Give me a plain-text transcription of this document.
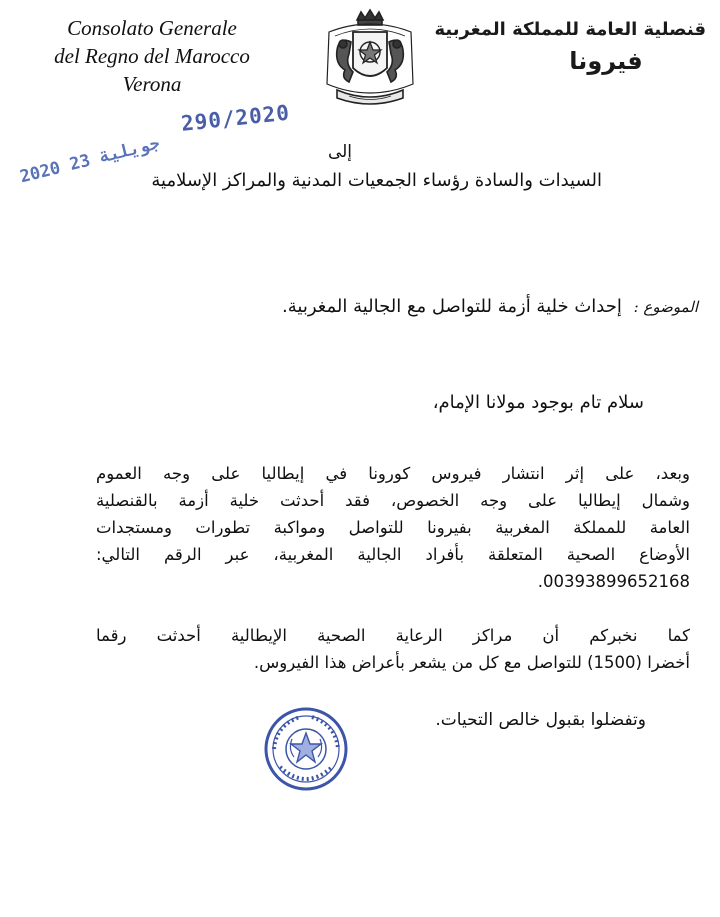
Consolato Generale
del Regno del Marocco
Verona
قنصلية العامة للمملكة المغربية
فيرونا
290/2020
2020 23 جويلية	إلى
السيدات والسادة رؤساء الجمعيات المدنية والمراكز الإسلامية
الموضوع : إحداث خلية أزمة للتواصل مع الجالية المغربية.
سلام تام بوجود مولانا الإمام،
وبعد، على إثر انتشار فيروس كورونا في إيطاليا على وجه العموم
وشمال إيطاليا على وجه الخصوص، فقد أحدثت خلية أزمة بالقنصلية
العامة للمملكة المغربية بفيرونا للتواصل ومواكبة تطورات ومستجدات
الأوضاع الصحية المتعلقة بأفراد الجالية المغربية، عبر الرقم التالي:
00393899652168.
كما نخبركم أن مراكز الرعاية الصحية الإيطالية أحدثت رقما
أخضرا (1500) للتواصل مع كل من يشعر بأعراض هذا الفيروس.
وتفضلوا بقبول خالص التحيات.
